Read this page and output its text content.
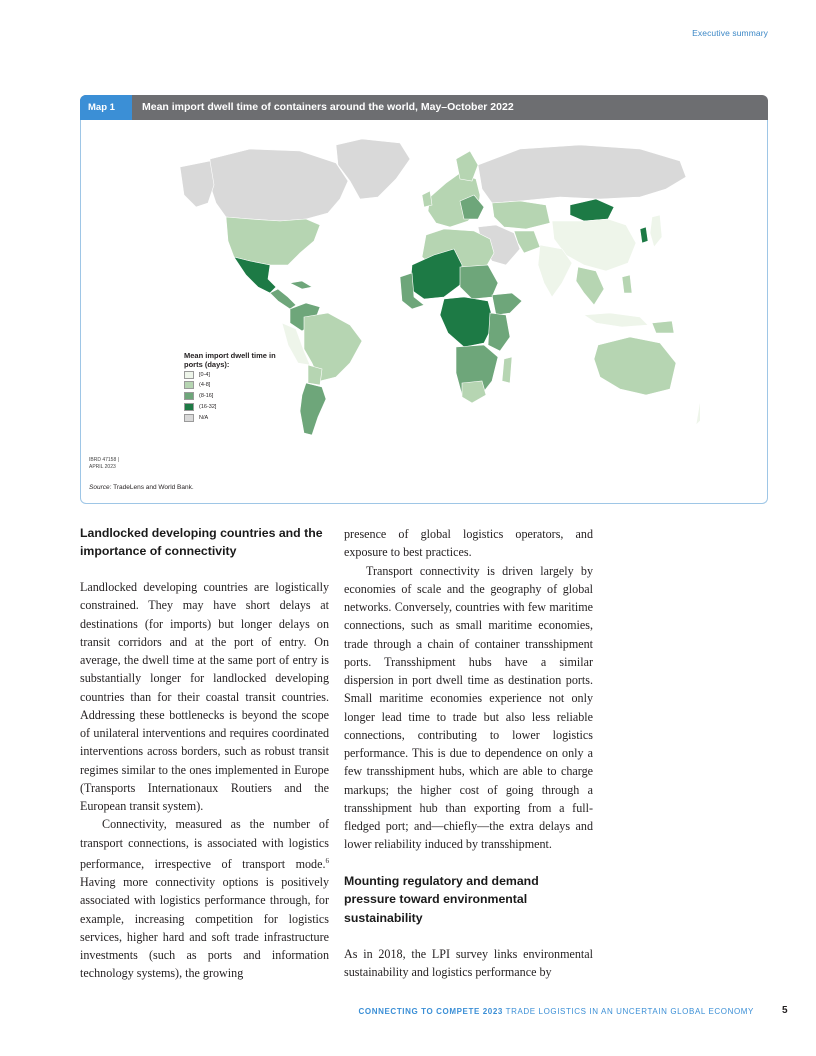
Executive summary
Map 1	Mean import dwell time of containers around the world, May–October 2022
Mean import dwell time in ports (days):
[0-4]
(4-8]
(8-16]
(16-32]
N/A
IBRD 47158 |
APRIL 2023
Source: TradeLens and World Bank.
Landlocked developing countries and the importance of connectivity

Landlocked developing countries are logistically constrained. They may have short delays at destinations (for imports) but longer delays on transit corridors and at the port of entry. On average, the dwell time at the same port of entry is substantially longer for landlocked developing countries than for their coastal transit countries. Addressing these bottlenecks is beyond the scope of unilateral interventions and requires coordinated interventions across borders, such as robust transit regimes similar to the ones implemented in Europe (Transports Internationaux Routiers and the European transit system).

Connectivity, measured as the number of transport connections, is associated with logistics performance, irrespective of transport mode.$^6$ Having more connectivity options is positively associated with logistics performance through, for example, increasing competition for logistics services, higher hard and soft trade infrastructure investments (such as ports and information technology systems), the growing

presence of global logistics operators, and exposure to best practices.

Transport connectivity is driven largely by economies of scale and the geography of global networks. Conversely, countries with few maritime connections, such as small maritime economies, trade through a chain of container transshipment ports. Transshipment hubs have a similar dispersion in port dwell time as destination ports. Small maritime economies experience not only longer lead time to trade but also less reliable connections, contributing to lower logistics performance. This is due to dependence on only a few transshipment hubs, which are able to charge markups; the higher cost of going through a transshipment hub than exporting from a full-fledged port; and—chiefly—the extra delays and lower reliability induced by transshipment.

Mounting regulatory and demand pressure toward environmental sustainability

As in 2018, the LPI survey links environmental sustainability and logistics performance by

CONNECTING TO COMPETE 2023 TRADE LOGISTICS IN AN UNCERTAIN GLOBAL ECONOMY	5
